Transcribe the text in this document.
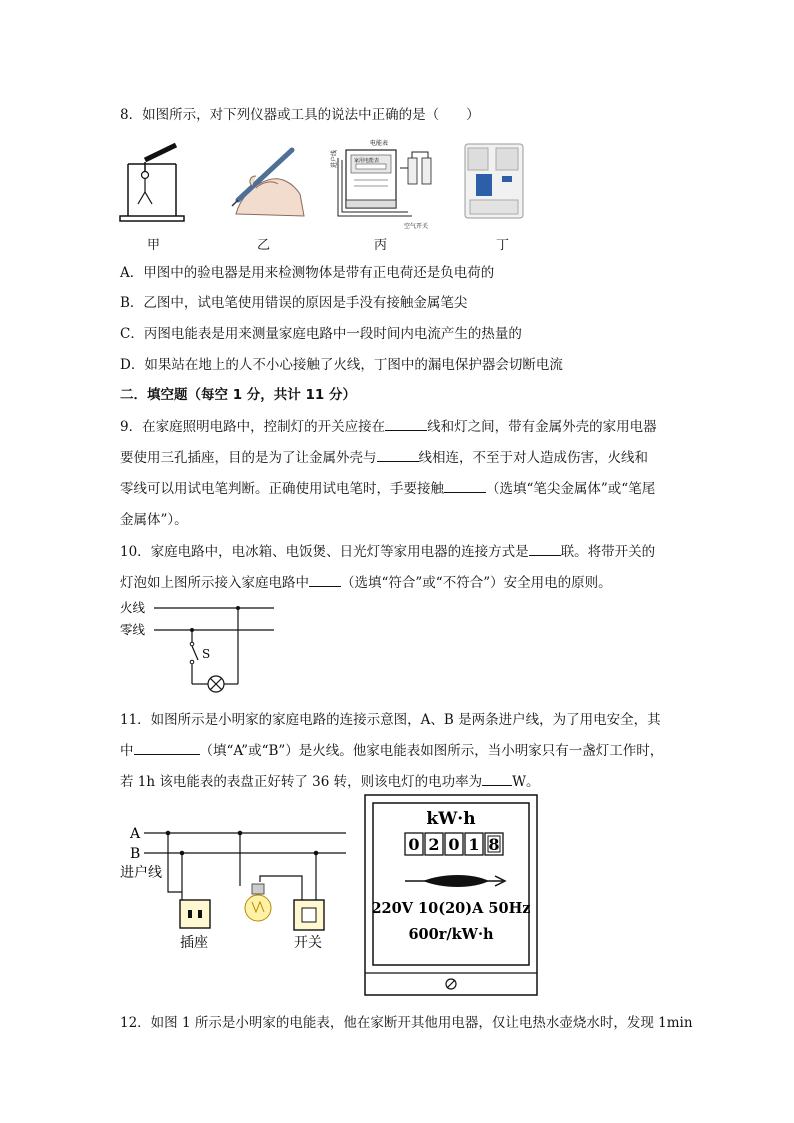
8．如图所示，对下列仪器或工具的说法中正确的是（　　）
甲	乙
进户线
电能表
家用电能表
空气开关
丙	丁
A．甲图中的验电器是用来检测物体是带有正电荷还是负电荷的
B．乙图中，试电笔使用错误的原因是手没有接触金属笔尖
C．丙图电能表是用来测量家庭电路中一段时间内电流产生的热量的
D．如果站在地上的人不小心接触了火线，丁图中的漏电保护器会切断电流
二．填空题（每空 1 分，共计 11 分）
9．在家庭照明电路中，控制灯的开关应接在	线和灯之间，带有金属外壳的家用电器
要使用三孔插座，目的是为了让金属外壳与	线相连，不至于对人造成伤害，火线和
零线可以用试电笔判断。正确使用试电笔时，手要接触	（选填“笔尖金属体”或“笔尾
金属体”）。
10．家庭电路中，电冰箱、电饭煲、日光灯等家用电器的连接方式是 联。将带开关的
灯泡如上图所示接入家庭电路中 （选填“符合”或“不符合”）安全用电的原则。
火线
零线
S
11．如图所示是小明家的家庭电路的连接示意图，A、B 是两条进户线，为了用电安全，其
中	（填“A”或“B”）是火线。他家电能表如图所示，当小明家只有一盏灯工作时，
若 1h 该电能表的表盘正好转了 36 转，则该电灯的电功率为 W。
A
B
进户线
插座	开关
kW·h
0 2 0 1 8
220V 10(20)A 50Hz
600r/kW·h
12．如图 1 所示是小明家的电能表，他在家断开其他用电器，仅让电热水壶烧水时，发现 1min
